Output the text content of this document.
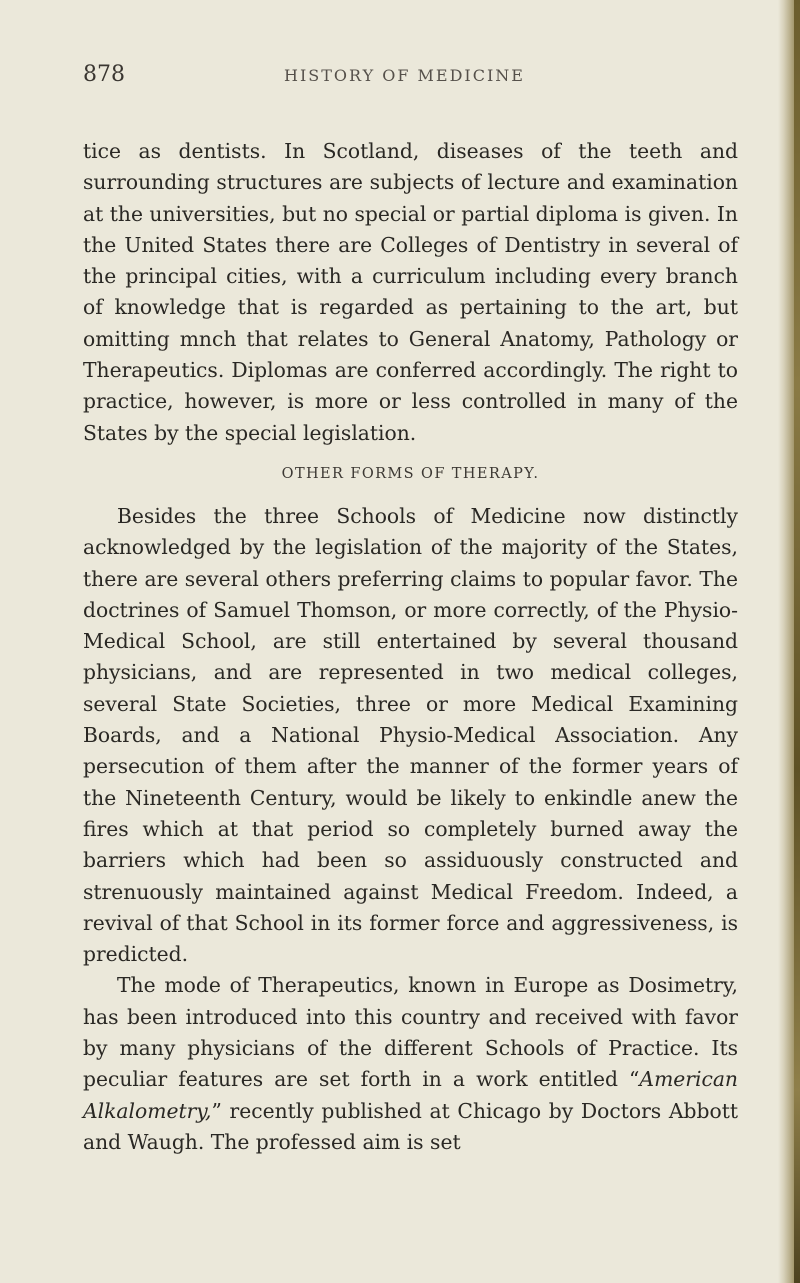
878	HISTORY OF MEDICINE

tice as dentists. In Scotland, diseases of the teeth and surrounding structures are subjects of lecture and examination at the universities, but no special or partial diploma is given. In the United States there are Colleges of Dentistry in several of the principal cities, with a curriculum including every branch of knowledge that is regarded as pertaining to the art, but omitting mnch that relates to General Anatomy, Pathology or Therapeutics. Diplomas are conferred accordingly. The right to practice, however, is more or less controlled in many of the States by the special legislation.

OTHER FORMS OF THERAPY.

Besides the three Schools of Medicine now distinctly acknowledged by the legislation of the majority of the States, there are several others preferring claims to popular favor. The doctrines of Samuel Thomson, or more correctly, of the Physio-Medical School, are still entertained by several thousand physicians, and are represented in two medical colleges, several State Societies, three or more Medical Examining Boards, and a National Physio-Medical Association. Any persecution of them after the manner of the former years of the Nineteenth Century, would be likely to enkindle anew the fires which at that period so completely burned away the barriers which had been so assiduously constructed and strenuously maintained against Medical Freedom. Indeed, a revival of that School in its former force and aggressiveness, is predicted.

The mode of Therapeutics, known in Europe as Dosimetry, has been introduced into this country and received with favor by many physicians of the different Schools of Practice. Its peculiar features are set forth in a work entitled “American Alkalometry,” recently published at Chicago by Doctors Abbott and Waugh. The professed aim is set
